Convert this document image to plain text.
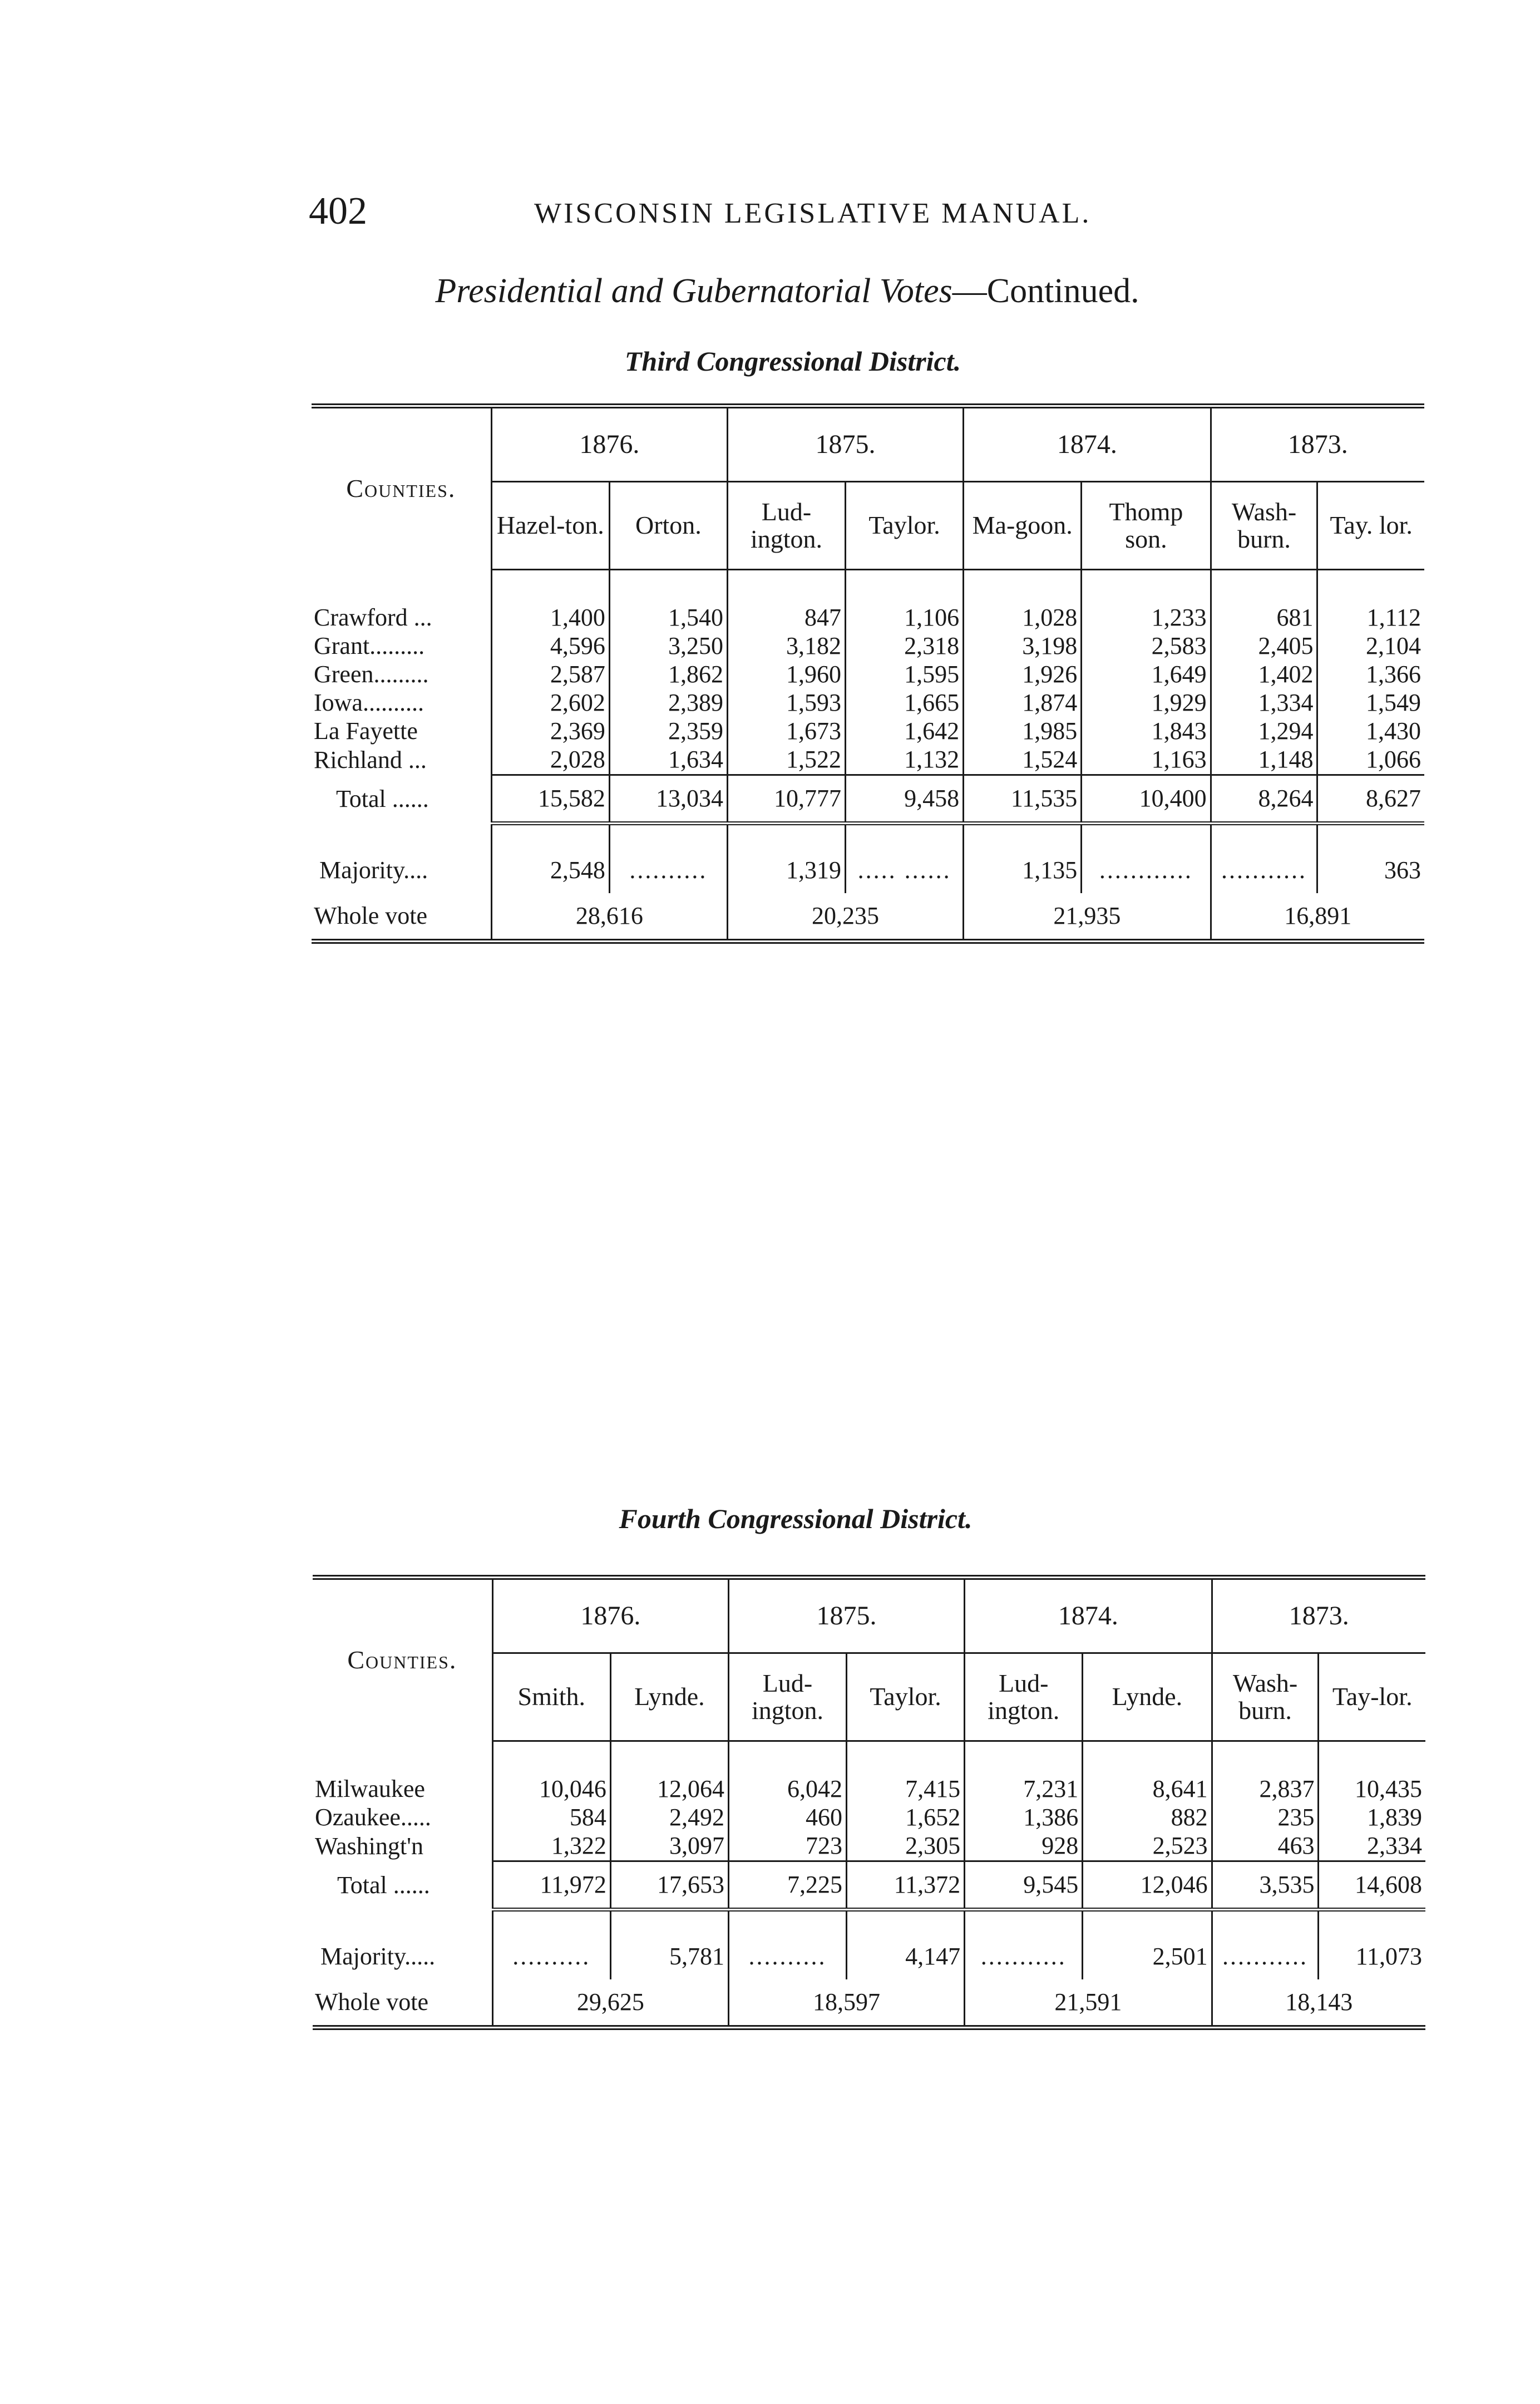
402	WISCONSIN LEGISLATIVE MANUAL.
Presidential and Gubernatorial Votes—Continued.
Third Congressional District.
Counties.	1876.		1875.		1874.		1873.	
	Hazel-ton.	Orton.	Lud-ington.	Taylor.	Ma-goon.	Thomp son.	Wash-burn.	Tay. lor.

Crawford ...	1,400	1,540	847	1,106	1,028	1,233	681	1,112
Grant.........	4,596	3,250	3,182	2,318	3,198	2,583	2,405	2,104
Green.........	2,587	1,862	1,960	1,595	1,926	1,649	1,402	1,366
Iowa..........	2,602	2,389	1,593	1,665	1,874	1,929	1,334	1,549
La Fayette	2,369	2,359	1,673	1,642	1,985	1,843	1,294	1,430
Richland ...	2,028	1,634	1,522	1,132	1,524	1,163	1,148	1,066
Total ......	15,582	13,034	10,777	9,458	11,535	10,400	8,264	8,627

Majority....	2,548	..........	1,319	..... ......	1,135	............	...........	363
Whole vote	28,616		20,235		21,935		16,891	
Fourth Congressional District.
Counties.	1876.		1875.		1874.		1873.	
	Smith.	Lynde.	Lud-ington.	Taylor.	Lud-ington.	Lynde.	Wash-burn.	Tay-lor.

Milwaukee	10,046	12,064	6,042	7,415	7,231	8,641	2,837	10,435
Ozaukee.....	584	2,492	460	1,652	1,386	882	235	1,839
Washingt'n	1,322	3,097	723	2,305	928	2,523	463	2,334
Total ......	11,972	17,653	7,225	11,372	9,545	12,046	3,535	14,608

Majority.....	..........	5,781	..........	4,147	...........	2,501	...........	11,073
Whole vote	29,625		18,597		21,591		18,143	
